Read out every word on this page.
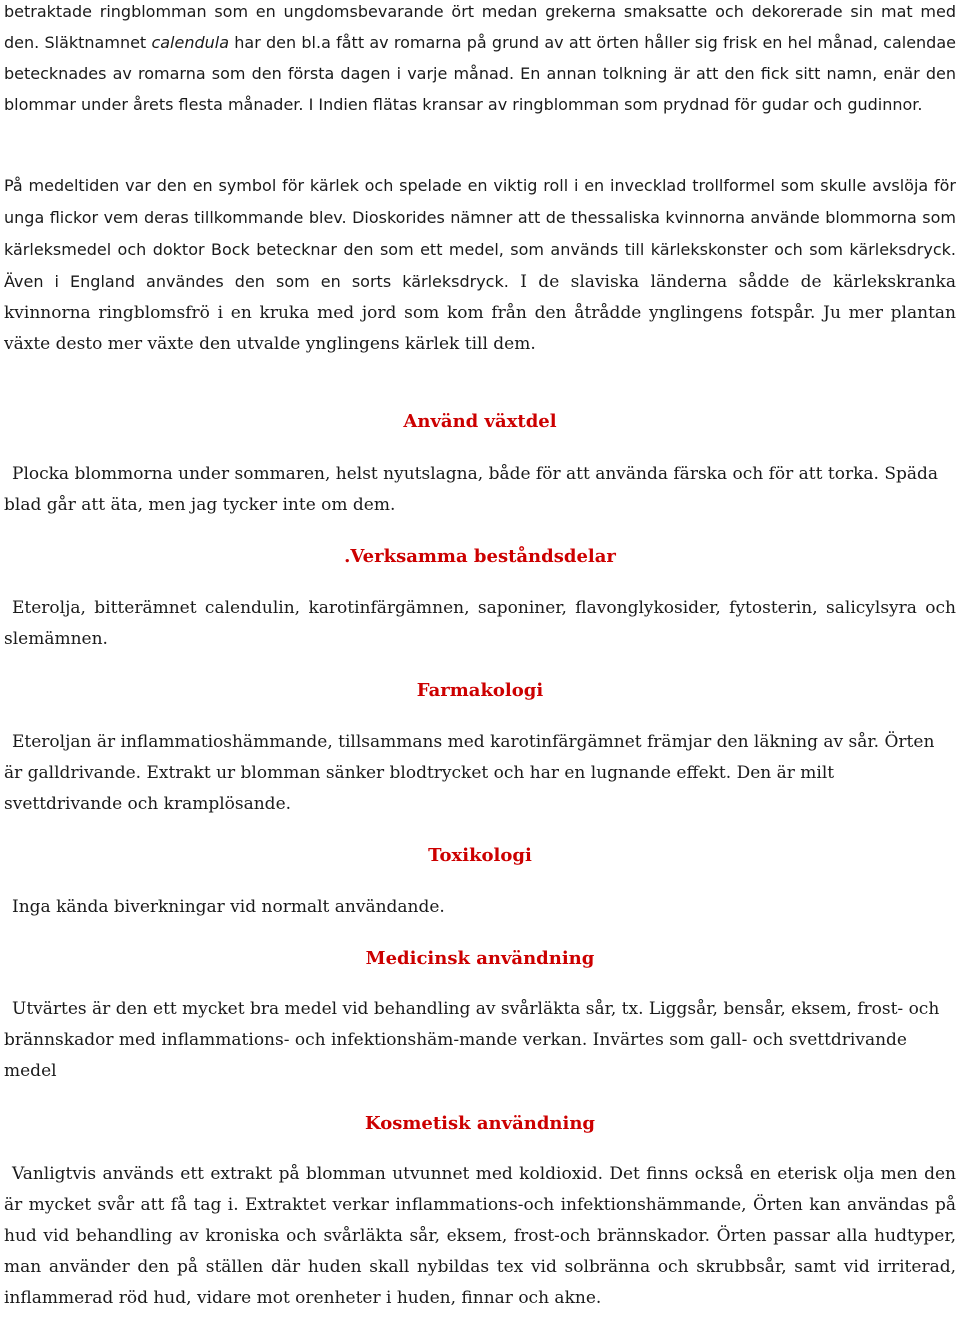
betraktade ringblomman som en ungdomsbevarande ört medan grekerna smaksatte och dekorerade sin mat med den. Släktnamnet calendula har den bl.a fått av romarna på grund av att örten håller sig frisk en hel månad, calendae betecknades av romarna som den första dagen i varje månad. En annan tolkning är att den fick sitt namn, enär den blommar under årets flesta månader. I Indien flätas kransar av ringblomman som prydnad för gudar och gudinnor.

På medeltiden var den en symbol för kärlek och spelade en viktig roll i en invecklad trollformel som skulle avslöja för unga flickor vem deras tillkommande blev. Dioskorides nämner att de thessaliska kvinnorna använde blommorna som kärleksmedel och doktor Bock betecknar den som ett medel, som används till kärlekskonster och som kärleksdryck. Även i England användes den som en sorts kärleksdryck. I de slaviska länderna sådde de kärlekskranka kvinnorna ringblomsfrö i en kruka med jord som kom från den åtrådde ynglingens fotspår. Ju mer plantan växte desto mer växte den utvalde ynglingens kärlek till dem.

Använd växtdel

Plocka blommorna under sommaren, helst nyutslagna, både för att använda färska och för att torka. Späda blad går att äta, men jag tycker inte om dem.

.Verksamma beståndsdelar

Eterolja, bitterämnet calendulin, karotinfärgämnen, saponiner, flavonglykosider, fytosterin, salicylsyra och slemämnen.

Farmakologi

Eteroljan är inflammatioshämmande, tillsammans med karotinfärgämnet främjar den läkning av sår. Örten är galldrivande. Extrakt ur blomman sänker blodtrycket och har en lugnande effekt. Den är milt svettdrivande och kramplösande.

Toxikologi

Inga kända biverkningar vid normalt användande.

Medicinsk användning

Utvärtes är den ett mycket bra medel vid behandling av svårläkta sår, tx. Liggsår, bensår, eksem, frost- och brännskador med inflammations- och infektionshäm-mande verkan. Invärtes som gall- och svettdrivande medel

Kosmetisk användning

Vanligtvis används ett extrakt på blomman utvunnet med koldioxid. Det finns också en eterisk olja men den är mycket svår att få tag i. Extraktet verkar inflammations-och infektionshämmande, Örten kan användas på hud vid behandling av kroniska och svårläkta sår, eksem, frost-och brännskador. Örten passar alla hudtyper, man använder den på ställen där huden skall nybildas tex vid solbränna och skrubbsår, samt vid irriterad, inflammerad röd hud, vidare mot orenheter i huden, finnar och akne.
